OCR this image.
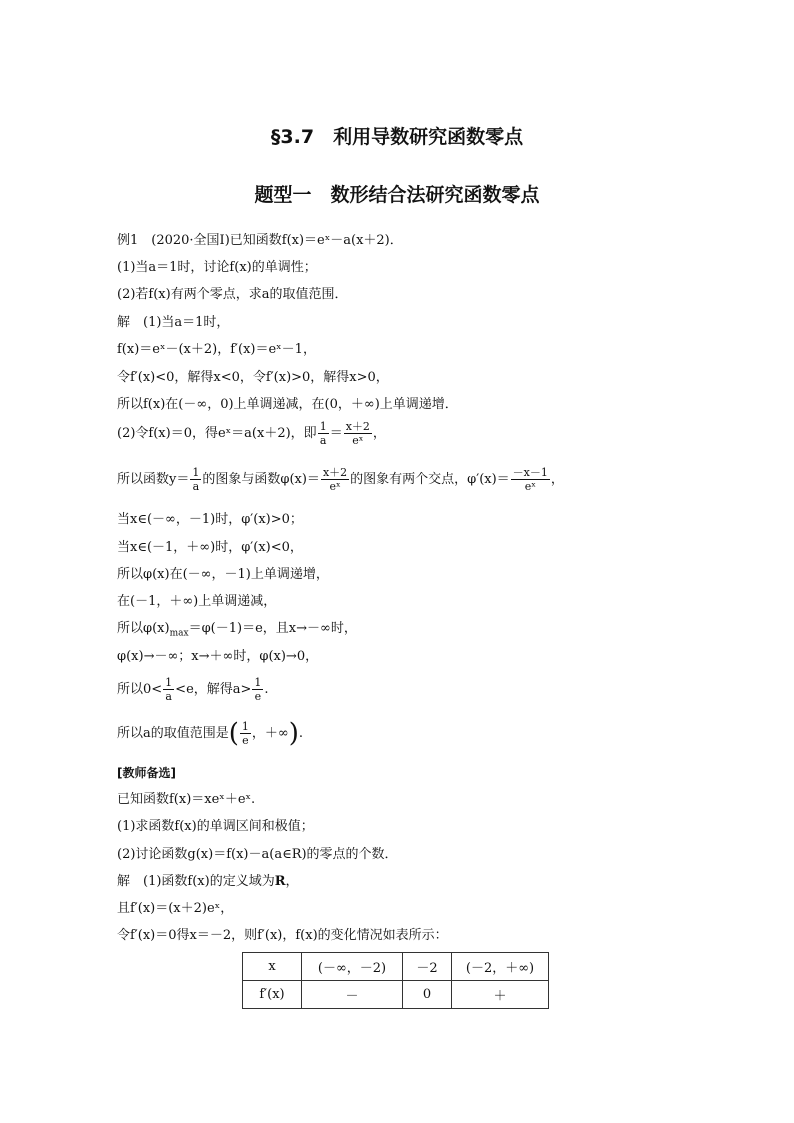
§3.7　利用导数研究函数零点
题型一　数形结合法研究函数零点
例1　(2020·全国Ⅰ)已知函数f(x)＝eˣ－a(x＋2)．
(1)当a＝1时，讨论f(x)的单调性；
(2)若f(x)有两个零点，求a的取值范围．
解　(1)当a＝1时，
f(x)＝eˣ－(x＋2)，f′(x)＝eˣ－1，
令f′(x)<0，解得x<0，令f′(x)>0，解得x>0，
所以f(x)在(－∞，0)上单调递减，在(0，＋∞)上单调递增．
(2)令f(x)＝0，得eˣ＝a(x＋2)，即 $\frac{1}{a} = \frac{x+2}{\text{eˣ}}$ ，
所以函数$y= \frac{1}{a}$ 的图象与函数$\varphi(x)= \frac{x+2}{\text{eˣ}}$ 的图象有两个交点，$\varphi'(x)= \frac{-x-1}{\text{eˣ}}$ ，
当x∈(－∞，－1)时，φ′(x)>0；
当x∈(－1，＋∞)时，φ′(x)<0，
所以φ(x)在(－∞，－1)上单调递增，
在(－1，＋∞)上单调递减，
所以$\varphi(x)_{max}=\varphi(-1)=e$，且x→－∞时，
φ(x)→－∞；x→＋∞时，φ(x)→0，
所以$0< \frac{1}{a} <e$，解得$a> \frac{1}{e}$ .
所以a的取值范围是( $\frac{1}{e}$ ，＋∞).
[教师备选]
已知函数f(x)＝xeˣ＋eˣ.
(1)求函数f(x)的单调区间和极值；
(2)讨论函数g(x)＝f(x)－a(a∈R)的零点的个数．
解　(1)函数f(x)的定义域为R，
且f′(x)＝(x＋2)eˣ，
令f′(x)＝0得x＝－2，则f′(x)，f(x)的变化情况如表所示：
x	(－∞，－2)	－2	(－2，＋∞)
f′(x)	－	0	＋
